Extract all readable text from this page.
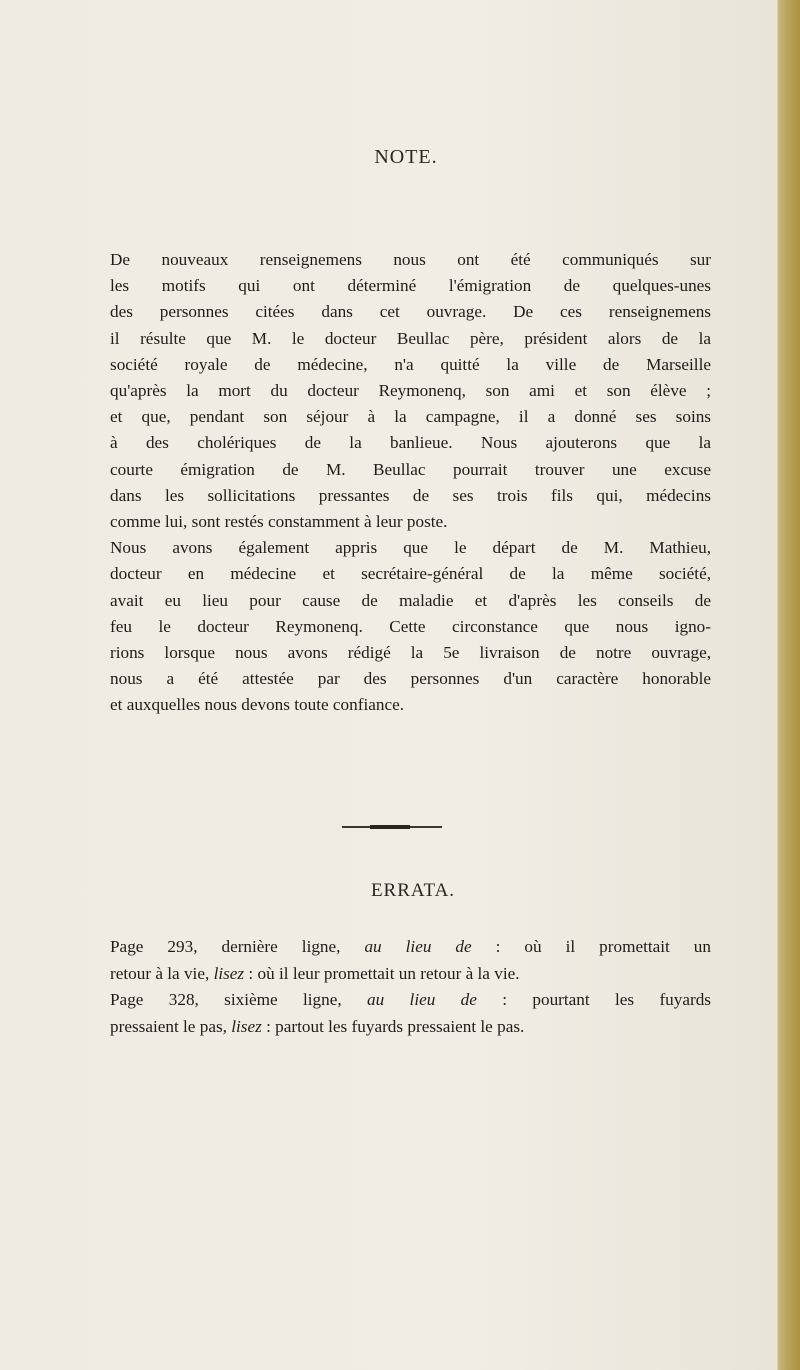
NOTE.

De nouveaux renseignemens nous ont été communiqués sur
les motifs qui ont déterminé l'émigration de quelques-unes
des personnes citées dans cet ouvrage. De ces renseignemens
il résulte que M. le docteur Beullac père, président alors de la
société royale de médecine, n'a quitté la ville de Marseille
qu'après la mort du docteur Reymonenq, son ami et son élève ;
et que, pendant son séjour à la campagne, il a donné ses soins
à des cholériques de la banlieue. Nous ajouterons que la
courte émigration de M. Beullac pourrait trouver une excuse
dans les sollicitations pressantes de ses trois fils qui, médecins
comme lui, sont restés constamment à leur poste.

Nous avons également appris que le départ de M. Mathieu,
docteur en médecine et secrétaire-général de la même société,
avait eu lieu pour cause de maladie et d'après les conseils de
feu le docteur Reymonenq. Cette circonstance que nous igno-
rions lorsque nous avons rédigé la 5e livraison de notre ouvrage,
nous a été attestée par des personnes d'un caractère honorable
et auxquelles nous devons toute confiance.

ERRATA.

Page 293, dernière ligne, au lieu de : où il promettait un
retour à la vie, lisez : où il leur promettait un retour à la vie.

Page 328, sixième ligne, au lieu de : pourtant les fuyards
pressaient le pas, lisez : partout les fuyards pressaient le pas.
